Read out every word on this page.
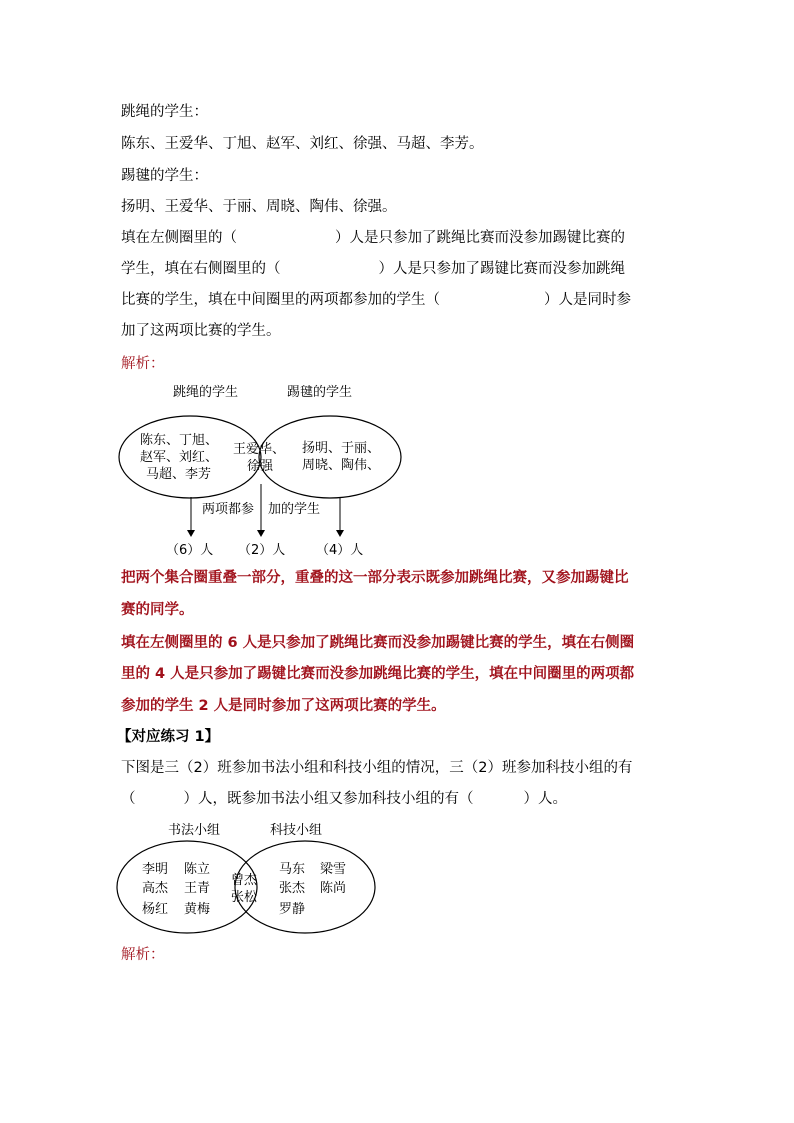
跳绳的学生：
陈东、王爱华、丁旭、赵军、刘红、徐强、马超、李芳。
踢毽的学生：
扬明、王爱华、于丽、周晓、陶伟、徐强。
填在左侧圈里的（	）人是只参加了跳绳比赛而没参加踢键比赛的
学生，填在右侧圈里的（	）人是只参加了踢键比赛而没参加跳绳
比赛的学生，填在中间圈里的两项都参加的学生（	）人是同时参
加了这两项比赛的学生。
解析：
跳绳的学生	踢毽的学生
陈东、丁旭、
赵军、刘红、
马超、李芳
王爱华、
徐强
扬明、于丽、
周晓、陶伟、
两项都参 加的学生
（6）人 （2）人 （4）人
把两个集合圈重叠一部分，重叠的这一部分表示既参加跳绳比赛，又参加踢键比
赛的同学。
填在左侧圈里的 6 人是只参加了跳绳比赛而没参加踢键比赛的学生，填在右侧圈
里的 4 人是只参加了踢键比赛而没参加跳绳比赛的学生，填在中间圈里的两项都
参加的学生 2 人是同时参加了这两项比赛的学生。
【对应练习 1】
下图是三（2）班参加书法小组和科技小组的情况，三（2）班参加科技小组的有
（	）人，既参加书法小组又参加科技小组的有（	）人。
书法小组	科技小组
李明 陈立
高杰 王青
杨红 黄梅
曾杰
张松
马东 梁雪
张杰 陈尚
罗静
解析：
